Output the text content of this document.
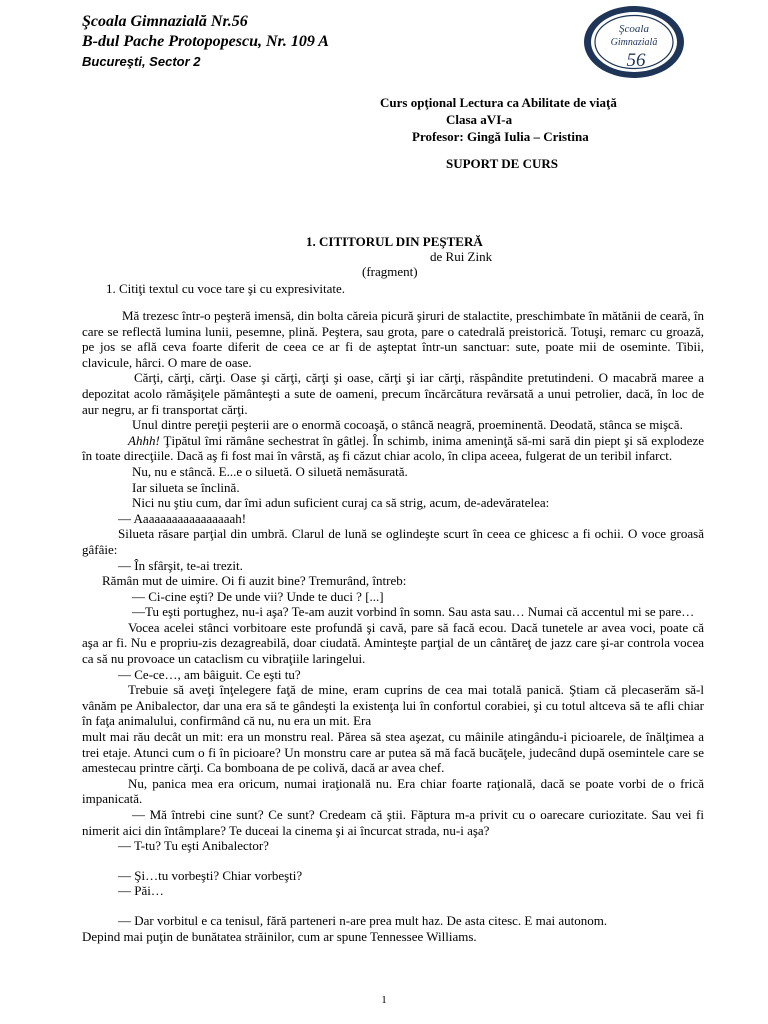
Şcoala Gimnazială Nr.56
B-dul Pache Protopopescu, Nr. 109 A
Bucureşti, Sector 2
Şcoala
Gimnazială
56
Curs opţional Lectura ca Abilitate de viaţă
Clasa aVI-a
Profesor: Gingă Iulia – Cristina
SUPORT DE CURS
1. CITITORUL DIN PEŞTERĂ
de Rui Zink
(fragment)
1. Citiţi textul cu voce tare şi cu expresivitate.

Mă trezesc într-o peşteră imensă, din bolta căreia picură şiruri de stalactite, preschimbate în mătănii de ceară, în care se reflectă lumina lunii, pesemne, plină. Peştera, sau grota, pare o catedrală preistorică. Totuşi, remarc cu groază, pe jos se află ceva foarte diferit de ceea ce ar fi de aşteptat într-un sanctuar: sute, poate mii de oseminte. Tibii, clavicule, hârci. O mare de oase.

Cărţi, cărţi, cărţi. Oase şi cărţi, cărţi şi oase, cărţi şi iar cărţi, răspândite pretutindeni. O macabră maree a depozitat acolo rămăşiţele pământeşti a sute de oameni, precum încărcătura revărsată a unui petrolier, dacă, în loc de aur negru, ar fi transportat cărţi.

Unul dintre pereţii peşterii are o enormă cocoaşă, o stâncă neagră, proeminentă. Deodată, stânca se mişcă.

Ahhh! Ţipătul îmi rămâne sechestrat în gâtlej. În schimb, inima ameninţă să-mi sară din piept şi să explodeze în toate direcţiile. Dacă aş fi fost mai în vârstă, aş fi căzut chiar acolo, în clipa aceea, fulgerat de un teribil infarct.

Nu, nu e stâncă. E...e o siluetă. O siluetă nemăsurată.

Iar silueta se înclină.

Nici nu ştiu cum, dar îmi adun suficient curaj ca să strig, acum, de-adevăratelea:

— Aaaaaaaaaaaaaaaaah!

Silueta răsare parţial din umbră. Clarul de lună se oglindeşte scurt în ceea ce ghicesc a fi ochii. O voce groasă gâfâie:

— În sfârşit, te-ai trezit.

Rămân mut de uimire. Oi fi auzit bine? Tremurând, întreb:

— Ci-cine eşti? De unde vii? Unde te duci ? [...]

—Tu eşti portughez, nu-i aşa? Te-am auzit vorbind în somn. Sau asta sau… Numai că accentul mi se pare…

Vocea acelei stânci vorbitoare este profundă şi cavă, pare să facă ecou. Dacă tunetele ar avea voci, poate că aşa ar fi. Nu e propriu-zis dezagreabilă, doar ciudată. Aminteşte parţial de un cântăreţ de jazz care şi-ar controla vocea ca să nu provoace un cataclism cu vibraţiile laringelui.

— Ce-ce…, am bâiguit. Ce eşti tu?

Trebuie să aveţi înţelegere faţă de mine, eram cuprins de cea mai totală panică. Ştiam că plecaserăm să-l vânăm pe Anibalector, dar una era să te gândeşti la existenţa lui în confortul corabiei, şi cu totul altceva să te afli chiar în faţa animalului, confirmând că nu, nu era un mit. Era

mult mai rău decât un mit: era un monstru real. Părea să stea aşezat, cu mâinile atingându-i picioarele, de înălţimea a trei etaje. Atunci cum o fi în picioare? Un monstru care ar putea să mă facă bucăţele, judecând după osemintele care se amestecau printre cărţi. Ca bomboana de pe colivă, dacă ar avea chef.

Nu, panica mea era oricum, numai iraţională nu. Era chiar foarte raţională, dacă se poate vorbi de o frică impanicată.

— Mă întrebi cine sunt? Ce sunt? Credeam că ştii. Făptura m-a privit cu o oarecare curiozitate. Sau vei fi nimerit aici din întâmplare? Te duceai la cinema şi ai încurcat strada, nu-i aşa?

— T-tu? Tu eşti Anibalector?

— Şi…tu vorbeşti? Chiar vorbeşti?

— Păi…

— Dar vorbitul e ca tenisul, fără parteneri n-are prea mult haz. De asta citesc. E mai autonom.

Depind mai puţin de bunătatea străinilor, cum ar spune Tennessee Williams.

1
